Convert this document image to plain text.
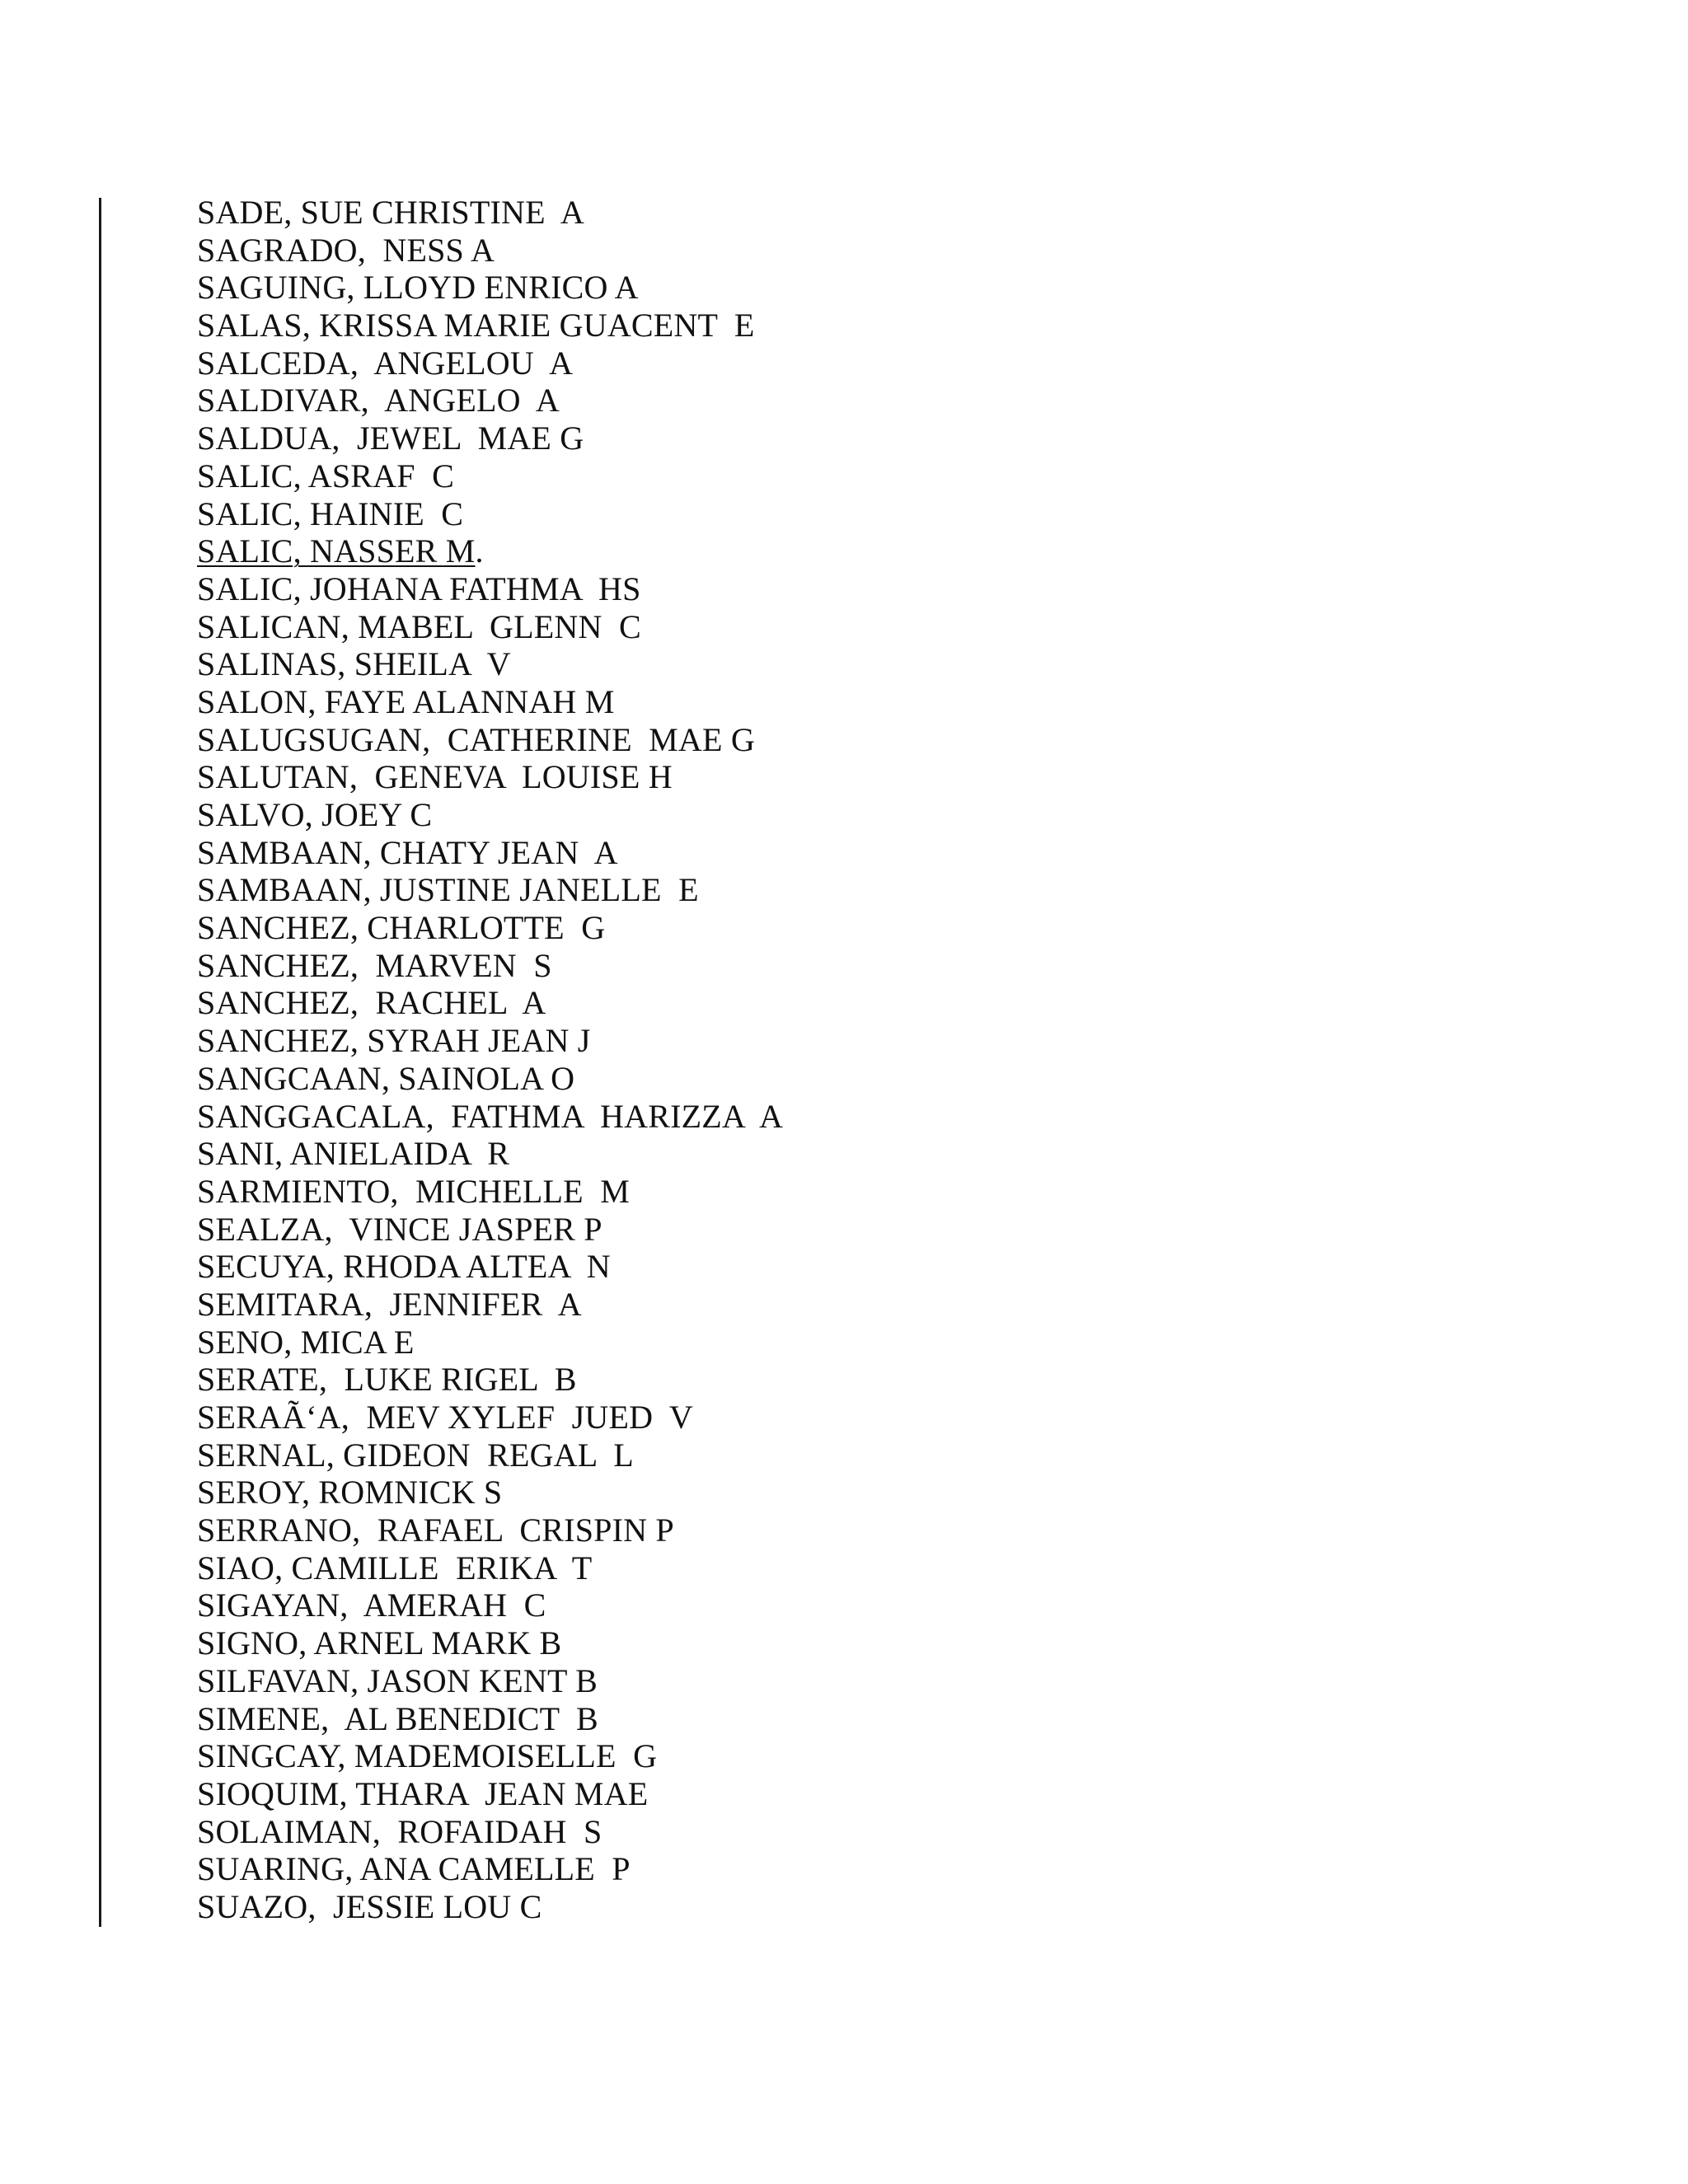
SADE, SUE CHRISTINE  A
SAGRADO,  NESS A
SAGUING, LLOYD ENRICO A
SALAS, KRISSA MARIE GUACENT  E
SALCEDA,  ANGELOU  A
SALDIVAR,  ANGELO  A
SALDUA,  JEWEL  MAE G
SALIC, ASRAF  C
SALIC, HAINIE  C
SALIC, NASSER M.
SALIC, JOHANA FATHMA  HS
SALICAN, MABEL  GLENN  C
SALINAS, SHEILA  V
SALON, FAYE ALANNAH M
SALUGSUGAN,  CATHERINE  MAE G
SALUTAN,  GENEVA  LOUISE H
SALVO, JOEY C
SAMBAAN, CHATY JEAN  A
SAMBAAN, JUSTINE JANELLE  E
SANCHEZ, CHARLOTTE  G
SANCHEZ,  MARVEN  S
SANCHEZ,  RACHEL  A
SANCHEZ, SYRAH JEAN J
SANGCAAN, SAINOLA O
SANGGACALA,  FATHMA  HARIZZA  A
SANI, ANIELAIDA  R
SARMIENTO,  MICHELLE  M
SEALZA,  VINCE JASPER P
SECUYA, RHODA ALTEA  N
SEMITARA,  JENNIFER  A
SENO, MICA E
SERATE,  LUKE RIGEL  B
SERAÃ‘A,  MEV XYLEF  JUED  V
SERNAL, GIDEON  REGAL  L
SEROY, ROMNICK S
SERRANO,  RAFAEL  CRISPIN P
SIAO, CAMILLE  ERIKA  T
SIGAYAN,  AMERAH  C
SIGNO, ARNEL MARK B
SILFAVAN, JASON KENT B
SIMENE,  AL BENEDICT  B
SINGCAY, MADEMOISELLE  G
SIOQUIM, THARA  JEAN MAE
SOLAIMAN,  ROFAIDAH  S
SUARING, ANA CAMELLE  P
SUAZO,  JESSIE LOU C
